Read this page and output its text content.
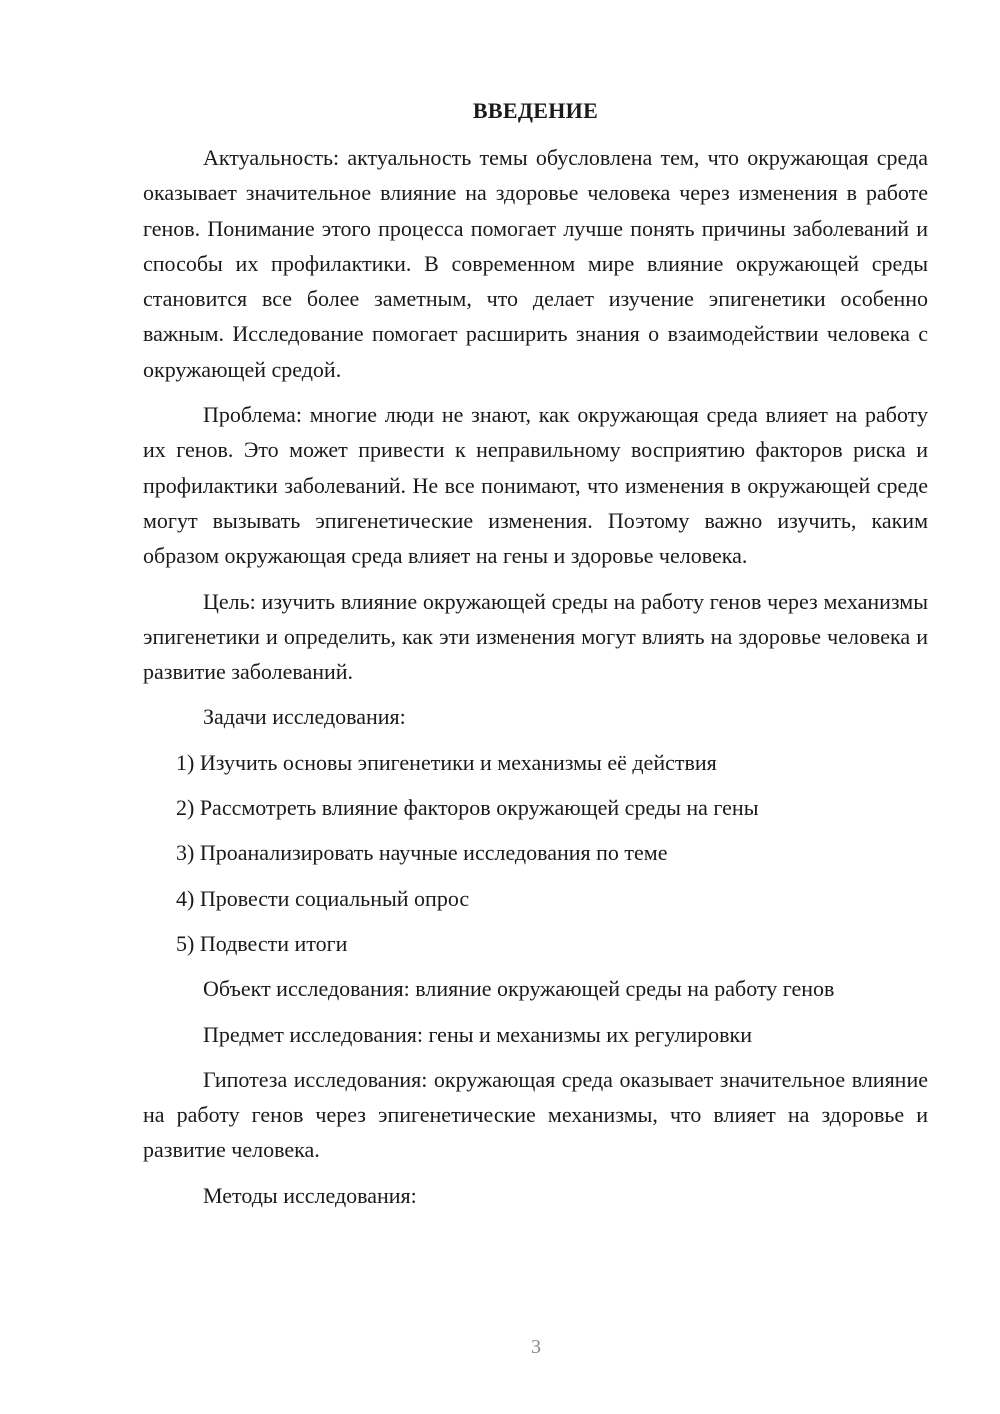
ВВЕДЕНИЕ

Актуальность: актуальность темы обусловлена тем, что окружающая среда оказывает значительное влияние на здоровье человека через изменения в работе генов. Понимание этого процесса помогает лучше понять причины заболеваний и способы их профилактики. В современном мире влияние окружающей среды становится все более заметным, что делает изучение эпигенетики особенно важным. Исследование помогает расширить знания о взаимодействии человека с окружающей средой.

Проблема: многие люди не знают, как окружающая среда влияет на работу их генов. Это может привести к неправильному восприятию факторов риска и профилактики заболеваний. Не все понимают, что изменения в окружающей среде могут вызывать эпигенетические изменения. Поэтому важно изучить, каким образом окружающая среда влияет на гены и здоровье человека.

Цель: изучить влияние окружающей среды на работу генов через механизмы эпигенетики и определить, как эти изменения могут влиять на здоровье человека и развитие заболеваний.

Задачи исследования:
1) Изучить основы эпигенетики и механизмы её действия
2) Рассмотреть влияние факторов окружающей среды на гены
3) Проанализировать научные исследования по теме
4) Провести социальный опрос
5) Подвести итоги
Объект исследования: влияние окружающей среды на работу генов
Предмет исследования: гены и механизмы их регулировки

Гипотеза исследования: окружающая среда оказывает значительное влияние на работу генов через эпигенетические механизмы, что влияет на здоровье и развитие человека.

Методы исследования:
3
